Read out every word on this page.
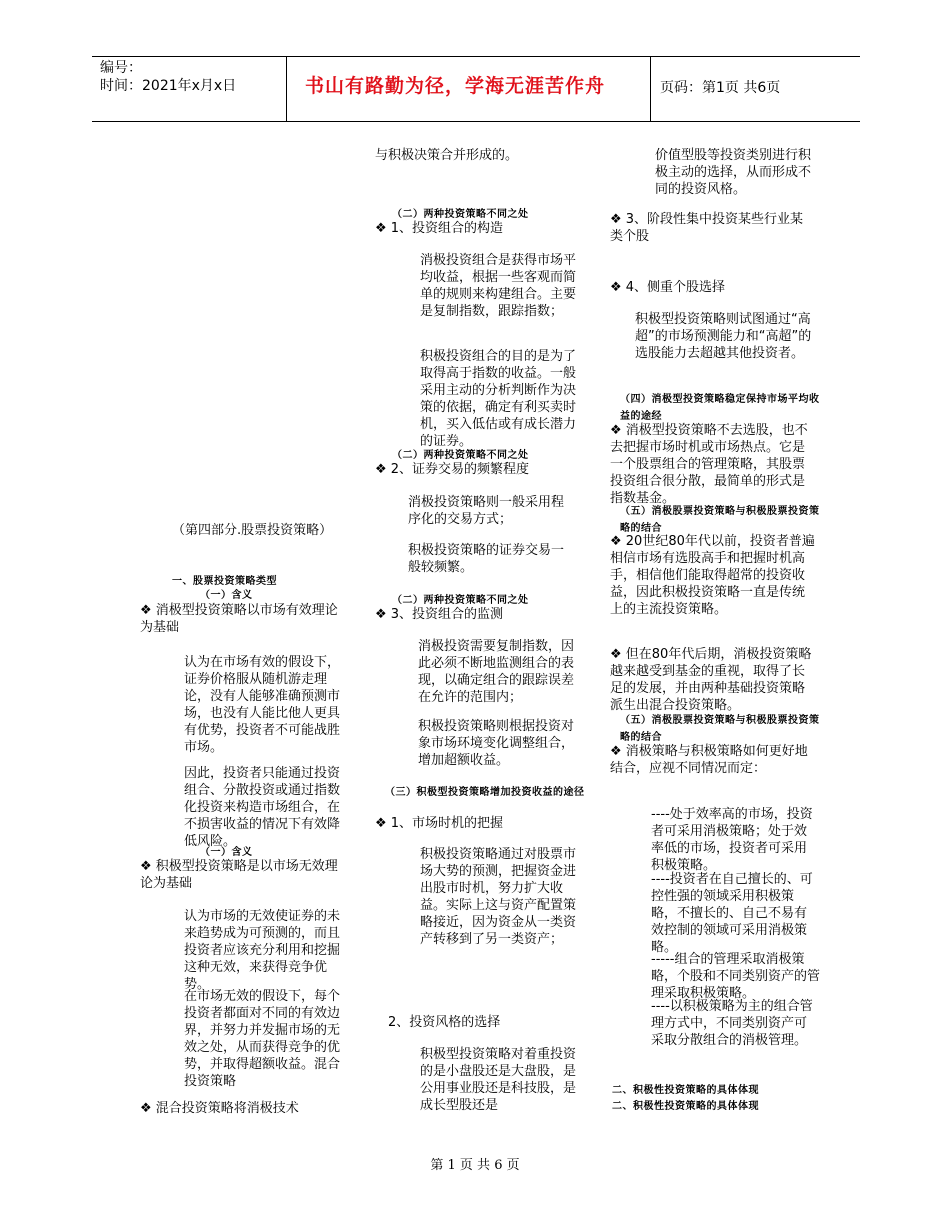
编号：
时间：2021年x月x日	书山有路勤为径，学海无涯苦作舟	页码：第1页 共6页
（第四部分.股票投资策略）
一、股票投资策略类型
（一）含义

❖ 消极型投资策略以市场有效理论为基础

认为在市场有效的假设下，证券价格服从随机游走理论，没有人能够准确预测市场，也没有人能比他人更具有优势，投资者不可能战胜市场。

因此，投资者只能通过投资组合、分散投资或通过指数化投资来构造市场组合，在不损害收益的情况下有效降低风险。

（一）含义

❖ 积极型投资策略是以市场无效理论为基础

认为市场的无效使证券的未来趋势成为可预测的，而且投资者应该充分利用和挖掘这种无效，来获得竞争优势。

在市场无效的假设下，每个投资者都面对不同的有效边界，并努力并发掘市场的无效之处，从而获得竞争的优势，并取得超额收益。混合投资策略

❖ 混合投资策略将消极技术

与积极决策合并形成的。
（二）两种投资策略不同之处
❖ 1、投资组合的构造

消极投资组合是获得市场平均收益，根据一些客观而简单的规则来构建组合。主要是复制指数，跟踪指数；

积极投资组合的目的是为了取得高于指数的收益。一般采用主动的分析判断作为决策的依据，确定有利买卖时机，买入低估或有成长潜力的证券。

（二）两种投资策略不同之处
❖ 2、证券交易的频繁程度

消极投资策略则一般采用程序化的交易方式；

积极投资策略的证券交易一般较频繁。

（二）两种投资策略不同之处
❖ 3、投资组合的监测

消极投资需要复制指数，因此必须不断地监测组合的表现，以确定组合的跟踪误差在允许的范围内；

积极投资策略则根据投资对象市场环境变化调整组合，增加超额收益。

（三）积极型投资策略增加投资收益的途径
❖ 1、市场时机的把握

积极投资策略通过对股票市场大势的预测，把握资金进出股市时机，努力扩大收益。实际上这与资产配置策略接近，因为资金从一类资产转移到了另一类资产；

2、投资风格的选择

积极型投资策略对着重投资的是小盘股还是大盘股，是公用事业股还是科技股，是成长型股还是

价值型股等投资类别进行积极主动的选择，从而形成不同的投资风格。

❖ 3、阶段性集中投资某些行业某类个股

❖ 4、侧重个股选择

积极型投资策略则试图通过“高超”的市场预测能力和“高超”的选股能力去超越其他投资者。

（四）消极型投资策略稳定保持市场平均收益的途经

❖ 消极型投资策略不去选股，也不去把握市场时机或市场热点。它是一个股票组合的管理策略，其股票投资组合很分散，最简单的形式是指数基金。

（五）消极股票投资策略与积极股票投资策略的结合

❖ 20世纪80年代以前，投资者普遍相信市场有选股高手和把握时机高手，相信他们能取得超常的投资收益，因此积极投资策略一直是传统上的主流投资策略。

❖ 但在80年代后期，消极投资策略越来越受到基金的重视，取得了长足的发展，并由两种基础投资策略派生出混合投资策略。

（五）消极股票投资策略与积极股票投资策略的结合

❖ 消极策略与积极策略如何更好地结合，应视不同情况而定：

----处于效率高的市场，投资者可采用消极策略；处于效率低的市场，投资者可采用积极策略。

----投资者在自己擅长的、可控性强的领域采用积极策略，不擅长的、自己不易有效控制的领域可采用消极策略。

-----组合的管理采取消极策略，个股和不同类别资产的管理采取积极策略。

----以积极策略为主的组合管理方式中，不同类别资产可采取分散组合的消极管理。

二、积极性投资策略的具体体现
二、积极性投资策略的具体体现
第 1 页 共 6 页
